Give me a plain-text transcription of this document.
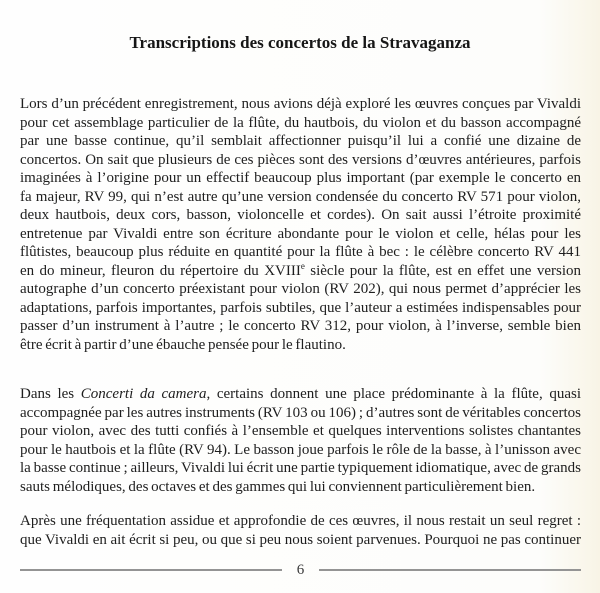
Transcriptions des concertos de la Stravaganza
Lors d’un précédent enregistrement, nous avions déjà exploré les œuvres conçues par Vivaldi
pour cet assemblage particulier de la flûte, du hautbois, du violon et du basson accompagné
par une basse continue, qu’il semblait affectionner puisqu’il lui a confié une dizaine de
concertos. On sait que plusieurs de ces pièces sont des versions d’œuvres antérieures, parfois
imaginées à l’origine pour un effectif beaucoup plus important (par exemple le concerto en
fa majeur, RV 99, qui n’est autre qu’une version condensée du concerto RV 571 pour violon,
deux hautbois, deux cors, basson, violoncelle et cordes). On sait aussi l’étroite proximité
entretenue par Vivaldi entre son écriture abondante pour le violon et celle, hélas pour les
flûtistes, beaucoup plus réduite en quantité pour la flûte à bec : le célèbre concerto RV 441
en do mineur, fleuron du répertoire du XVIIIe siècle pour la flûte, est en effet une version
autographe d’un concerto préexistant pour violon (RV 202), qui nous permet d’apprécier les
adaptations, parfois importantes, parfois subtiles, que l’auteur a estimées indispensables pour
passer d’un instrument à l’autre ; le concerto RV 312, pour violon, à l’inverse, semble bien
être écrit à partir d’une ébauche pensée pour le flautino.
Dans les Concerti da camera, certains donnent une place prédominante à la flûte, quasi
accompagnée par les autres instruments (RV 103 ou 106) ; d’autres sont de véritables concertos
pour violon, avec des tutti confiés à l’ensemble et quelques interventions solistes chantantes
pour le hautbois et la flûte (RV 94). Le basson joue parfois le rôle de la basse, à l’unisson avec
la basse continue ; ailleurs, Vivaldi lui écrit une partie typiquement idiomatique, avec de grands
sauts mélodiques, des octaves et des gammes qui lui conviennent particulièrement bien.
Après une fréquentation assidue et approfondie de ces œuvres, il nous restait un seul regret :
que Vivaldi en ait écrit si peu, ou que si peu nous soient parvenues. Pourquoi ne pas continuer
6
